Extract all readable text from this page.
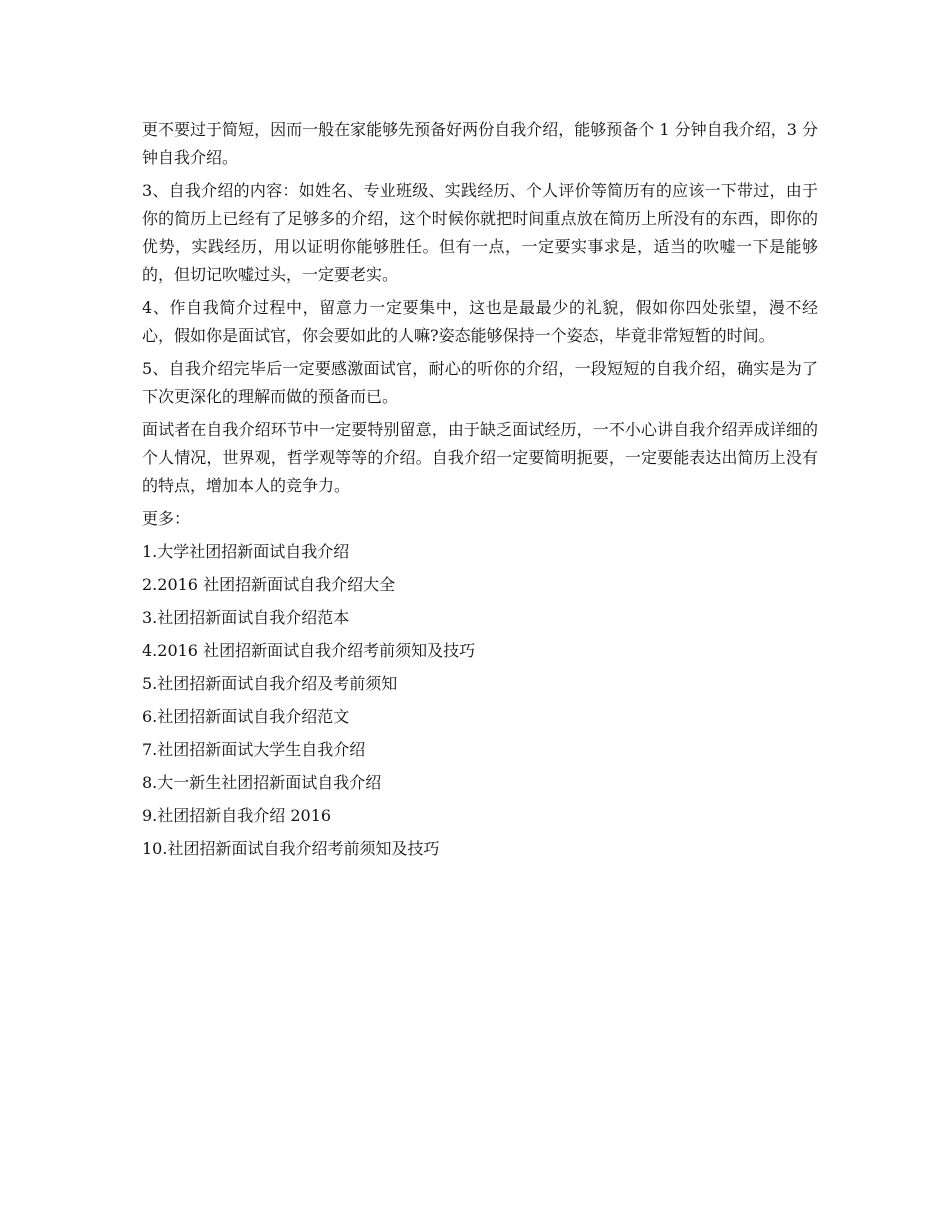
更不要过于简短，因而一般在家能够先预备好两份自我介绍，能够预备个 1 分钟自我介绍，3 分钟自我介绍。

3、自我介绍的内容：如姓名、专业班级、实践经历、个人评价等简历有的应该一下带过，由于你的简历上已经有了足够多的介绍，这个时候你就把时间重点放在简历上所没有的东西，即你的优势，实践经历，用以证明你能够胜任。但有一点，一定要实事求是，适当的吹嘘一下是能够的，但切记吹嘘过头，一定要老实。

4、作自我简介过程中，留意力一定要集中，这也是最最少的礼貌，假如你四处张望，漫不经心，假如你是面试官，你会要如此的人嘛?姿态能够保持一个姿态，毕竟非常短暂的时间。

5、自我介绍完毕后一定要感激面试官，耐心的听你的介绍，一段短短的自我介绍，确实是为了下次更深化的理解而做的预备而已。

面试者在自我介绍环节中一定要特别留意，由于缺乏面试经历，一不小心讲自我介绍弄成详细的个人情况，世界观，哲学观等等的介绍。自我介绍一定要简明扼要，一定要能表达出简历上没有的特点，增加本人的竞争力。

更多：
1.大学社团招新面试自我介绍
2.2016 社团招新面试自我介绍大全
3.社团招新面试自我介绍范本
4.2016 社团招新面试自我介绍考前须知及技巧
5.社团招新面试自我介绍及考前须知
6.社团招新面试自我介绍范文
7.社团招新面试大学生自我介绍
8.大一新生社团招新面试自我介绍
9.社团招新自我介绍 2016
10.社团招新面试自我介绍考前须知及技巧
